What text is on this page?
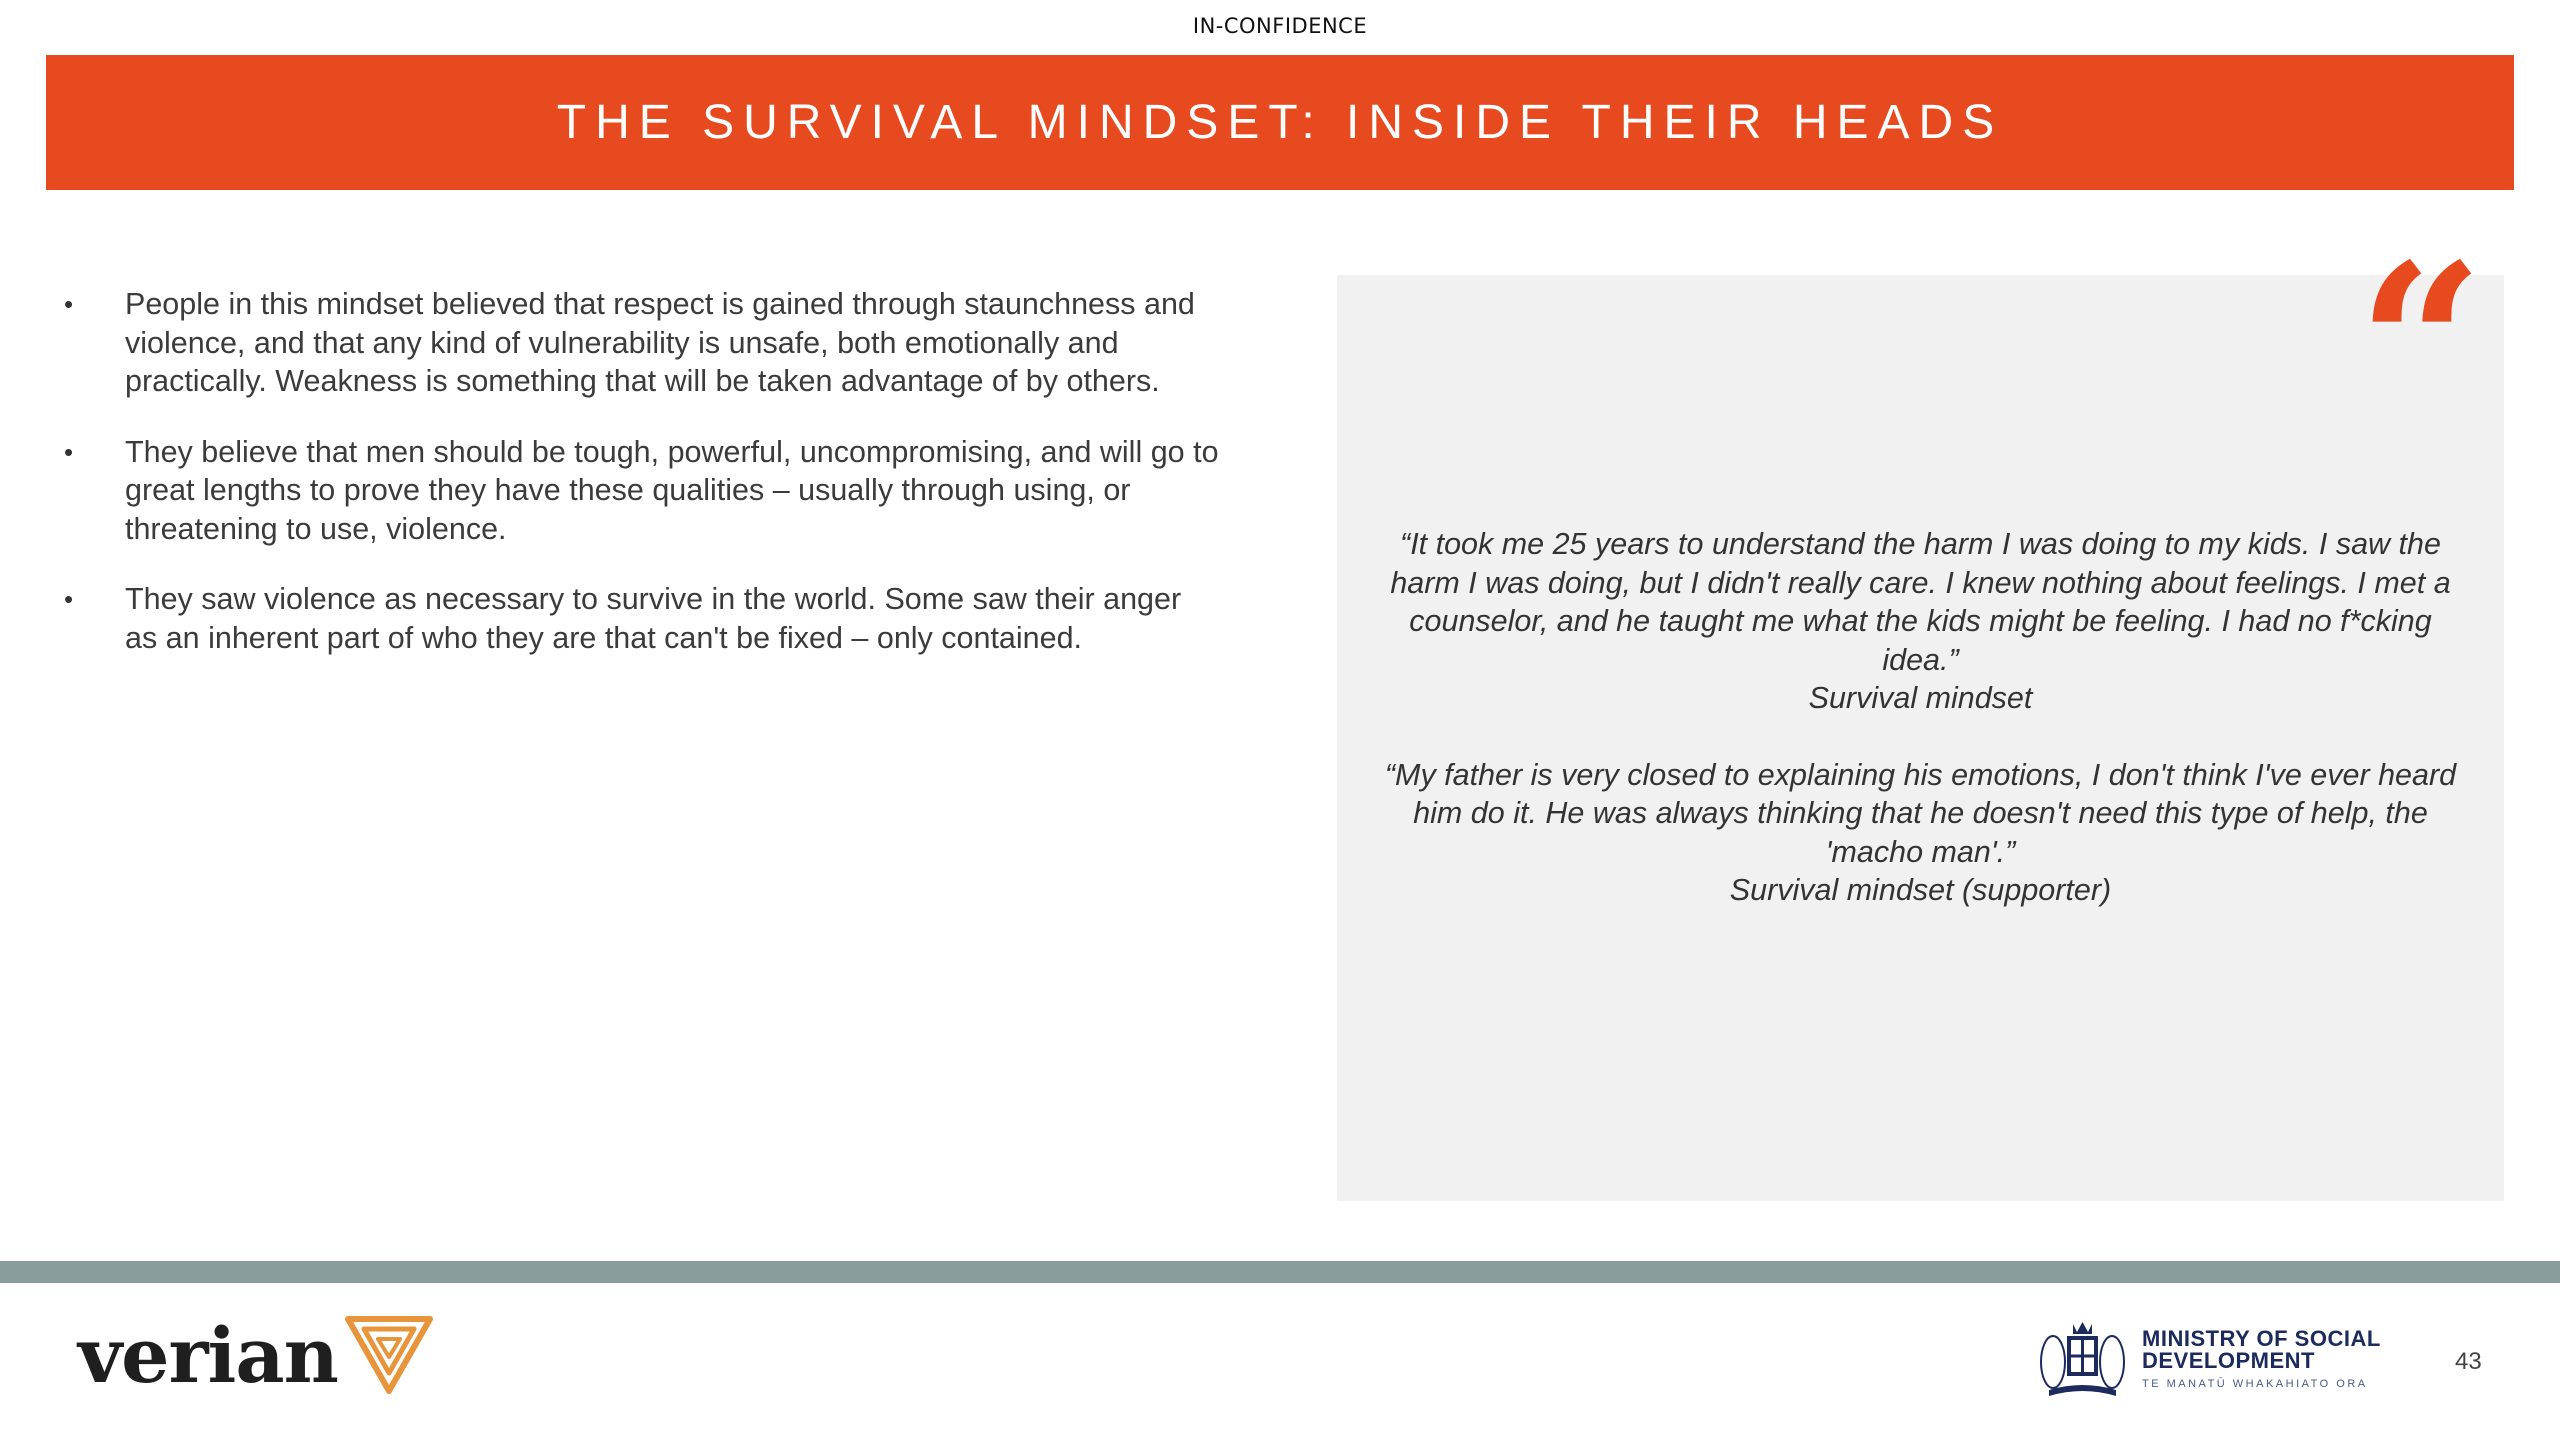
IN-CONFIDENCE
THE SURVIVAL MINDSET: INSIDE THEIR HEADS
• People in this mindset believed that respect is gained through staunchness and violence, and that any kind of vulnerability is unsafe, both emotionally and practically. Weakness is something that will be taken advantage of by others.
• They believe that men should be tough, powerful, uncompromising, and will go to great lengths to prove they have these qualities – usually through using, or threatening to use, violence.
• They saw violence as necessary to survive in the world. Some saw their anger as an inherent part of who they are that can't be fixed – only contained.
“
“It took me 25 years to understand the harm I was doing to my kids. I saw the harm I was doing, but I didn't really care. I knew nothing about feelings. I met a counselor, and he taught me what the kids might be feeling. I had no f*cking idea.”
Survival mindset
“My father is very closed to explaining his emotions, I don't think I've ever heard him do it. He was always thinking that he doesn't need this type of help, the 'macho man'.”
Survival mindset (supporter)
verian	MINISTRY OF SOCIAL
DEVELOPMENT
TE MANATŪ WHAKAHIATO ORA
43
